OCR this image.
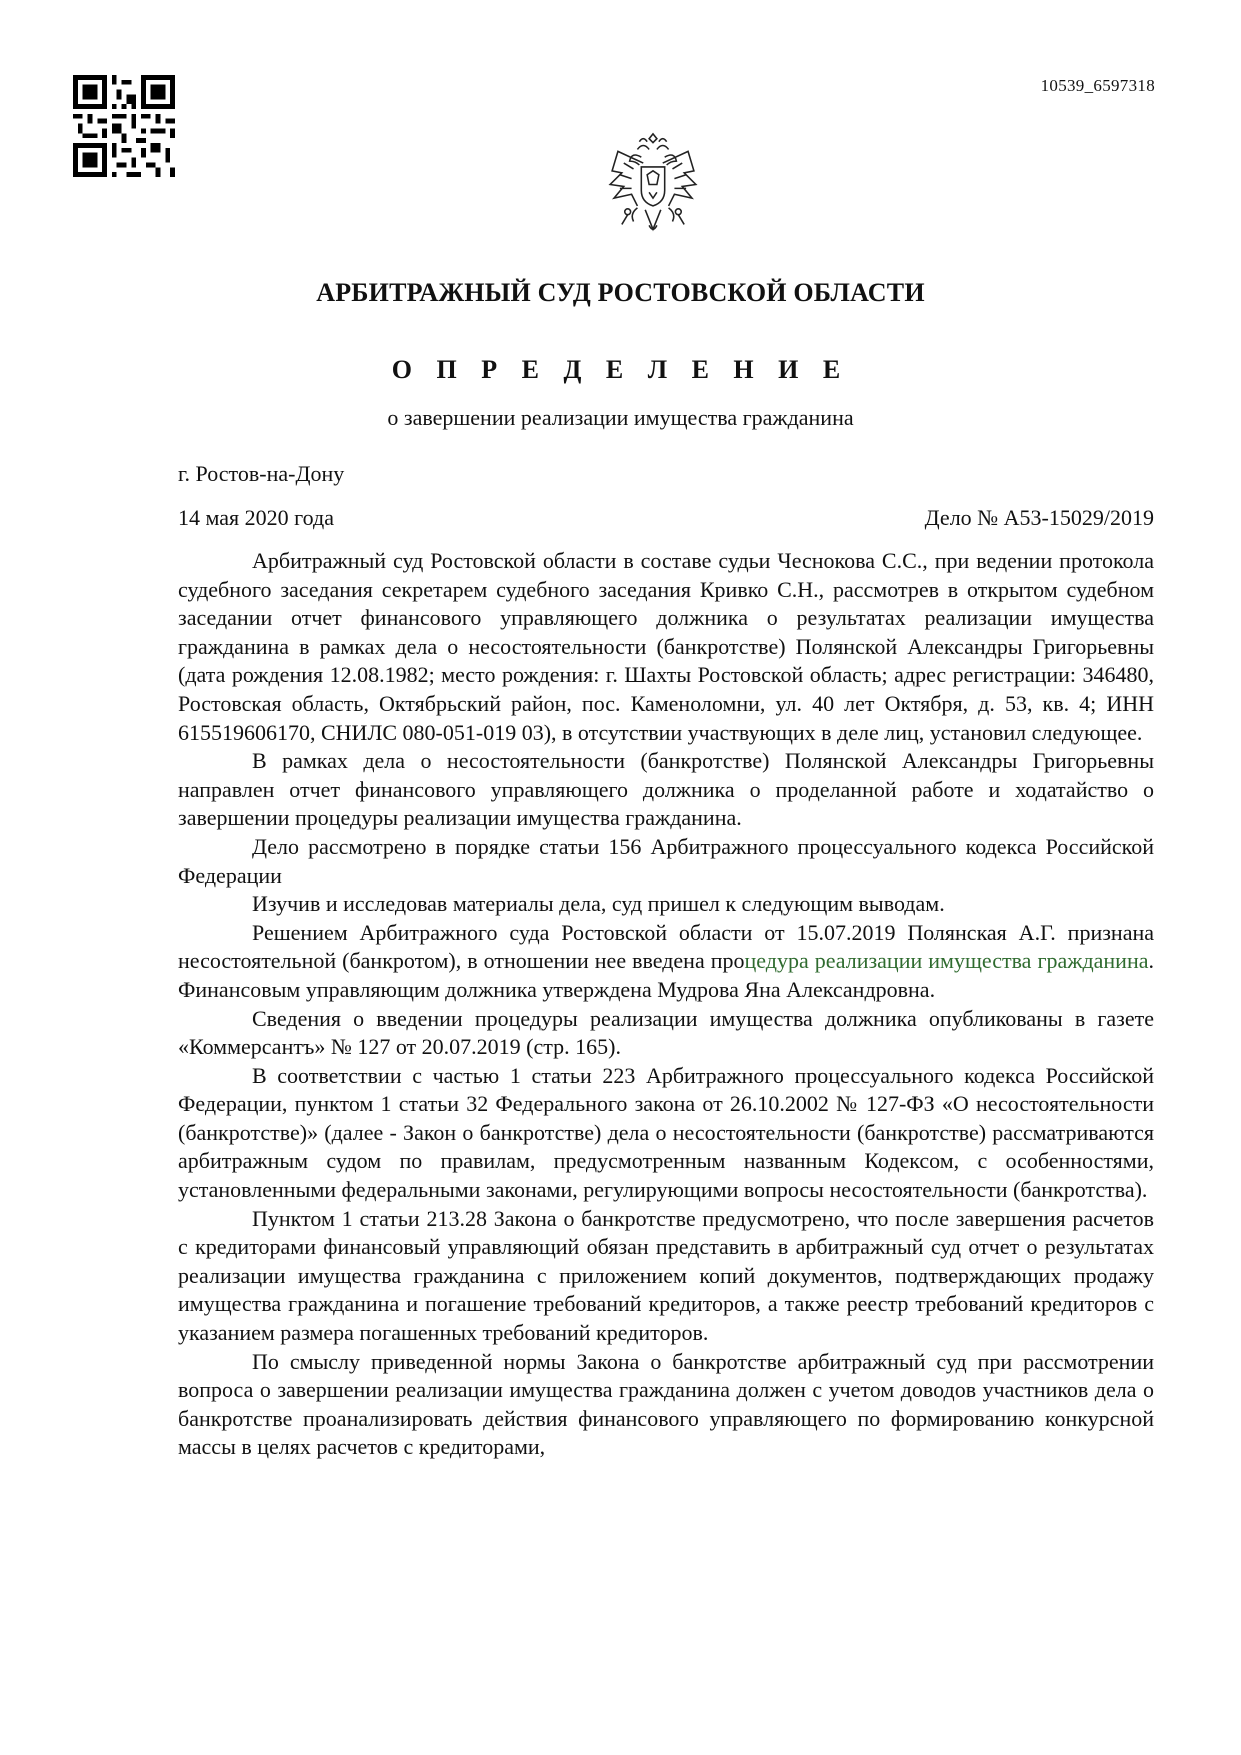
10539_6597318
АРБИТРАЖНЫЙ СУД РОСТОВСКОЙ ОБЛАСТИ
О П Р Е Д Е Л Е Н И Е
о завершении реализации имущества гражданина
г. Ростов-на-Дону
14 мая 2020 года	Дело № А53-15029/2019

Арбитражный суд Ростовской области в составе судьи Чеснокова С.С., при ведении протокола судебного заседания секретарем судебного заседания Кривко С.Н., рассмотрев в открытом судебном заседании отчет финансового управляющего должника о результатах реализации имущества гражданина в рамках дела о несостоятельности (банкротстве) Полянской Александры Григорьевны (дата рождения 12.08.1982; место рождения: г. Шахты Ростовской область; адрес регистрации: 346480, Ростовская область, Октябрьский район, пос. Каменоломни, ул. 40 лет Октября, д. 53, кв. 4; ИНН 615519606170, СНИЛС 080-051-019 03), в отсутствии участвующих в деле лиц, установил следующее.

В рамках дела о несостоятельности (банкротстве) Полянской Александры Григорьевны направлен отчет финансового управляющего должника о проделанной работе и ходатайство о завершении процедуры реализации имущества гражданина.

Дело рассмотрено в порядке статьи 156 Арбитражного процессуального кодекса Российской Федерации

Изучив и исследовав материалы дела, суд пришел к следующим выводам.

Решением Арбитражного суда Ростовской области от 15.07.2019 Полянская А.Г. признана несостоятельной (банкротом), в отношении нее введена процедура реализации имущества гражданина. Финансовым управляющим должника утверждена Мудрова Яна Александровна.

Сведения о введении процедуры реализации имущества должника опубликованы в газете «Коммерсантъ» № 127 от 20.07.2019 (стр. 165).

В соответствии с частью 1 статьи 223 Арбитражного процессуального кодекса Российской Федерации, пунктом 1 статьи 32 Федерального закона от 26.10.2002 № 127-ФЗ «О несостоятельности (банкротстве)» (далее - Закон о банкротстве) дела о несостоятельности (банкротстве) рассматриваются арбитражным судом по правилам, предусмотренным названным Кодексом, с особенностями, установленными федеральными законами, регулирующими вопросы несостоятельности (банкротства).

Пунктом 1 статьи 213.28 Закона о банкротстве предусмотрено, что после завершения расчетов с кредиторами финансовый управляющий обязан представить в арбитражный суд отчет о результатах реализации имущества гражданина с приложением копий документов, подтверждающих продажу имущества гражданина и погашение требований кредиторов, а также реестр требований кредиторов с указанием размера погашенных требований кредиторов.

По смыслу приведенной нормы Закона о банкротстве арбитражный суд при рассмотрении вопроса о завершении реализации имущества гражданина должен с учетом доводов участников дела о банкротстве проанализировать действия финансового управляющего по формированию конкурсной массы в целях расчетов с кредиторами,
